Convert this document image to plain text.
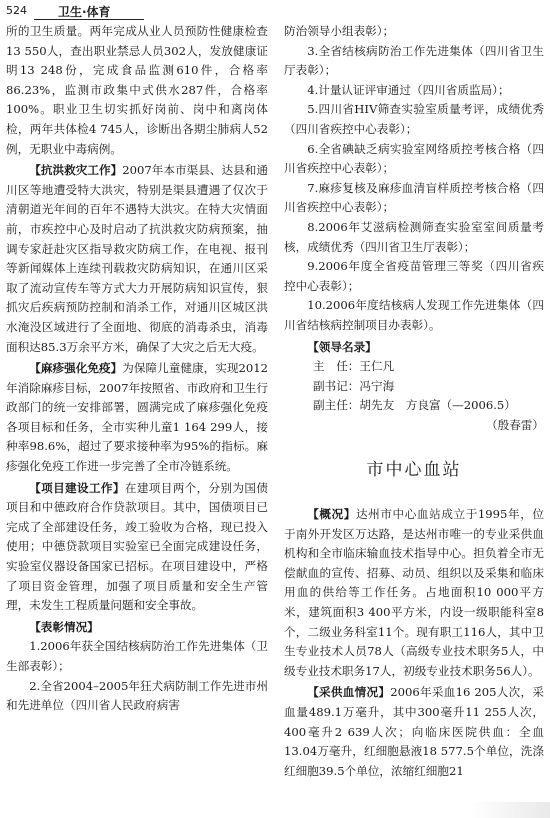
524	卫生·体育

所的卫生质量。两年完成从业人员预防性健康检查13 550人，查出职业禁忌人员302人，发放健康证明13 248份，完成食品监测610件，合格率86.23%，监测市政集中式供水287件，合格率100%。职业卫生切实抓好岗前、岗中和离岗体检，两年共体检4 745人，诊断出各期尘肺病人52例，无职业中毒病例。

【抗洪救灾工作】2007年本市渠县、达县和通川区等地遭受特大洪灾，特别是渠县遭遇了仅次于清朝道光年间的百年不遇特大洪灾。在特大灾情面前，市疾控中心及时启动了抗洪救灾防病预案，抽调专家赶赴灾区指导救灾防病工作，在电视、报刊等新闻媒体上连续刊载救灾防病知识，在通川区采取了流动宣传车等方式大力开展防病知识宣传，狠抓灾后疾病预防控制和消杀工作，对通川区城区洪水淹没区域进行了全面地、彻底的消毒杀虫，消毒面积达85.3万余平方米，确保了大灾之后无大疫。

【麻疹强化免疫】为保障儿童健康，实现2012年消除麻疹目标，2007年按照省、市政府和卫生行政部门的统一安排部署，圆满完成了麻疹强化免疫各项目标和任务，全市实种儿童1 164 299人，接种率98.6%，超过了要求接种率为95%的指标。麻疹强化免疫工作进一步完善了全市冷链系统。

【项目建设工作】在建项目两个，分别为国债项目和中德政府合作贷款项目。其中，国债项目已完成了全部建设任务，竣工验收为合格，现已投入使用；中德贷款项目实验室已全面完成建设任务，实验室仪器设备国家已招标。在项目建设中，严格了项目资金管理，加强了项目质量和安全生产管理，未发生工程质量问题和安全事故。

【表彰情况】

1.2006年获全国结核病防治工作先进集体（卫生部表彰）；

2.全省2004–2005年狂犬病防制工作先进市州和先进单位（四川省人民政府病害

防治领导小组表彰）；

3.全省结核病防治工作先进集体（四川省卫生厅表彰）；

4.计量认证评审通过（四川省质监局）；

5.四川省HIV筛查实验室质量考评，成绩优秀（四川省疾控中心表彰）；

6.全省碘缺乏病实验室网络质控考核合格（四川省疾控中心表彰）；

7.麻疹复核及麻疹血清盲样质控考核合格（四川省疾控中心表彰）；

8.2006年艾滋病检测筛查实验室室间质量考核，成绩优秀（四川省卫生厅表彰）；

9.2006年度全省疫苗管理三等奖（四川省疾控中心表彰）；

10.2006年度结核病人发现工作先进集体（四川省结核病控制项目办表彰）。

【领导名录】

主　任：王仁凡

副书记：冯宁海

副主任：胡先友　方良富（—2006.5）

（殷春雷）

市中心血站

【概况】达州市中心血站成立于1995年，位于南外开发区万达路，是达州市唯一的专业采供血机构和全市临床输血技术指导中心。担负着全市无偿献血的宣传、招募、动员、组织以及采集和临床用血的供给等工作任务。占地面积10 000平方米，建筑面积3 400平方米，内设一级职能科室8个，二级业务科室11个。现有职工116人，其中卫生专业技术人员78人（高级专业技术职务5人，中级专业技术职务17人，初级专业技术职务56人）。

【采供血情况】2006年采血16 205人次，采血量489.1万毫升，其中300毫升11 255人次，400毫升2 639人次；向临床医院供血：全血13.04万毫升，红细胞悬液18 577.5个单位，洗涤红细胞39.5个单位，浓缩红细胞21
